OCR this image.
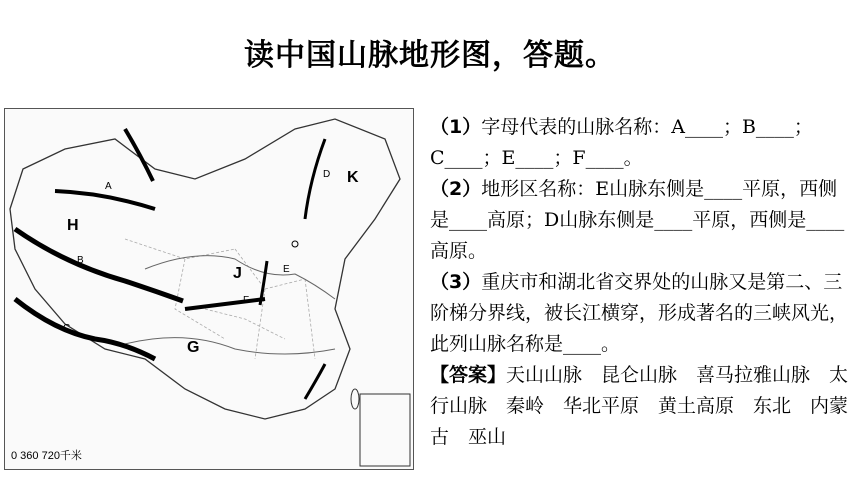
读中国山脉地形图，答题。
A
B
C
D
E
F
G
H
J
K
0 360 720千米

（1）字母代表的山脉名称：A____；B____；C____；E____；F____。

（2）地形区名称：E山脉东侧是____平原，西侧是____高原；D山脉东侧是____平原，西侧是____高原。

（3）重庆市和湖北省交界处的山脉又是第二、三阶梯分界线，被长江横穿，形成著名的三峡风光，此列山脉名称是____。

【答案】天山山脉　昆仑山脉　喜马拉雅山脉　太行山脉　秦岭　华北平原　黄土高原　东北　内蒙古　巫山
